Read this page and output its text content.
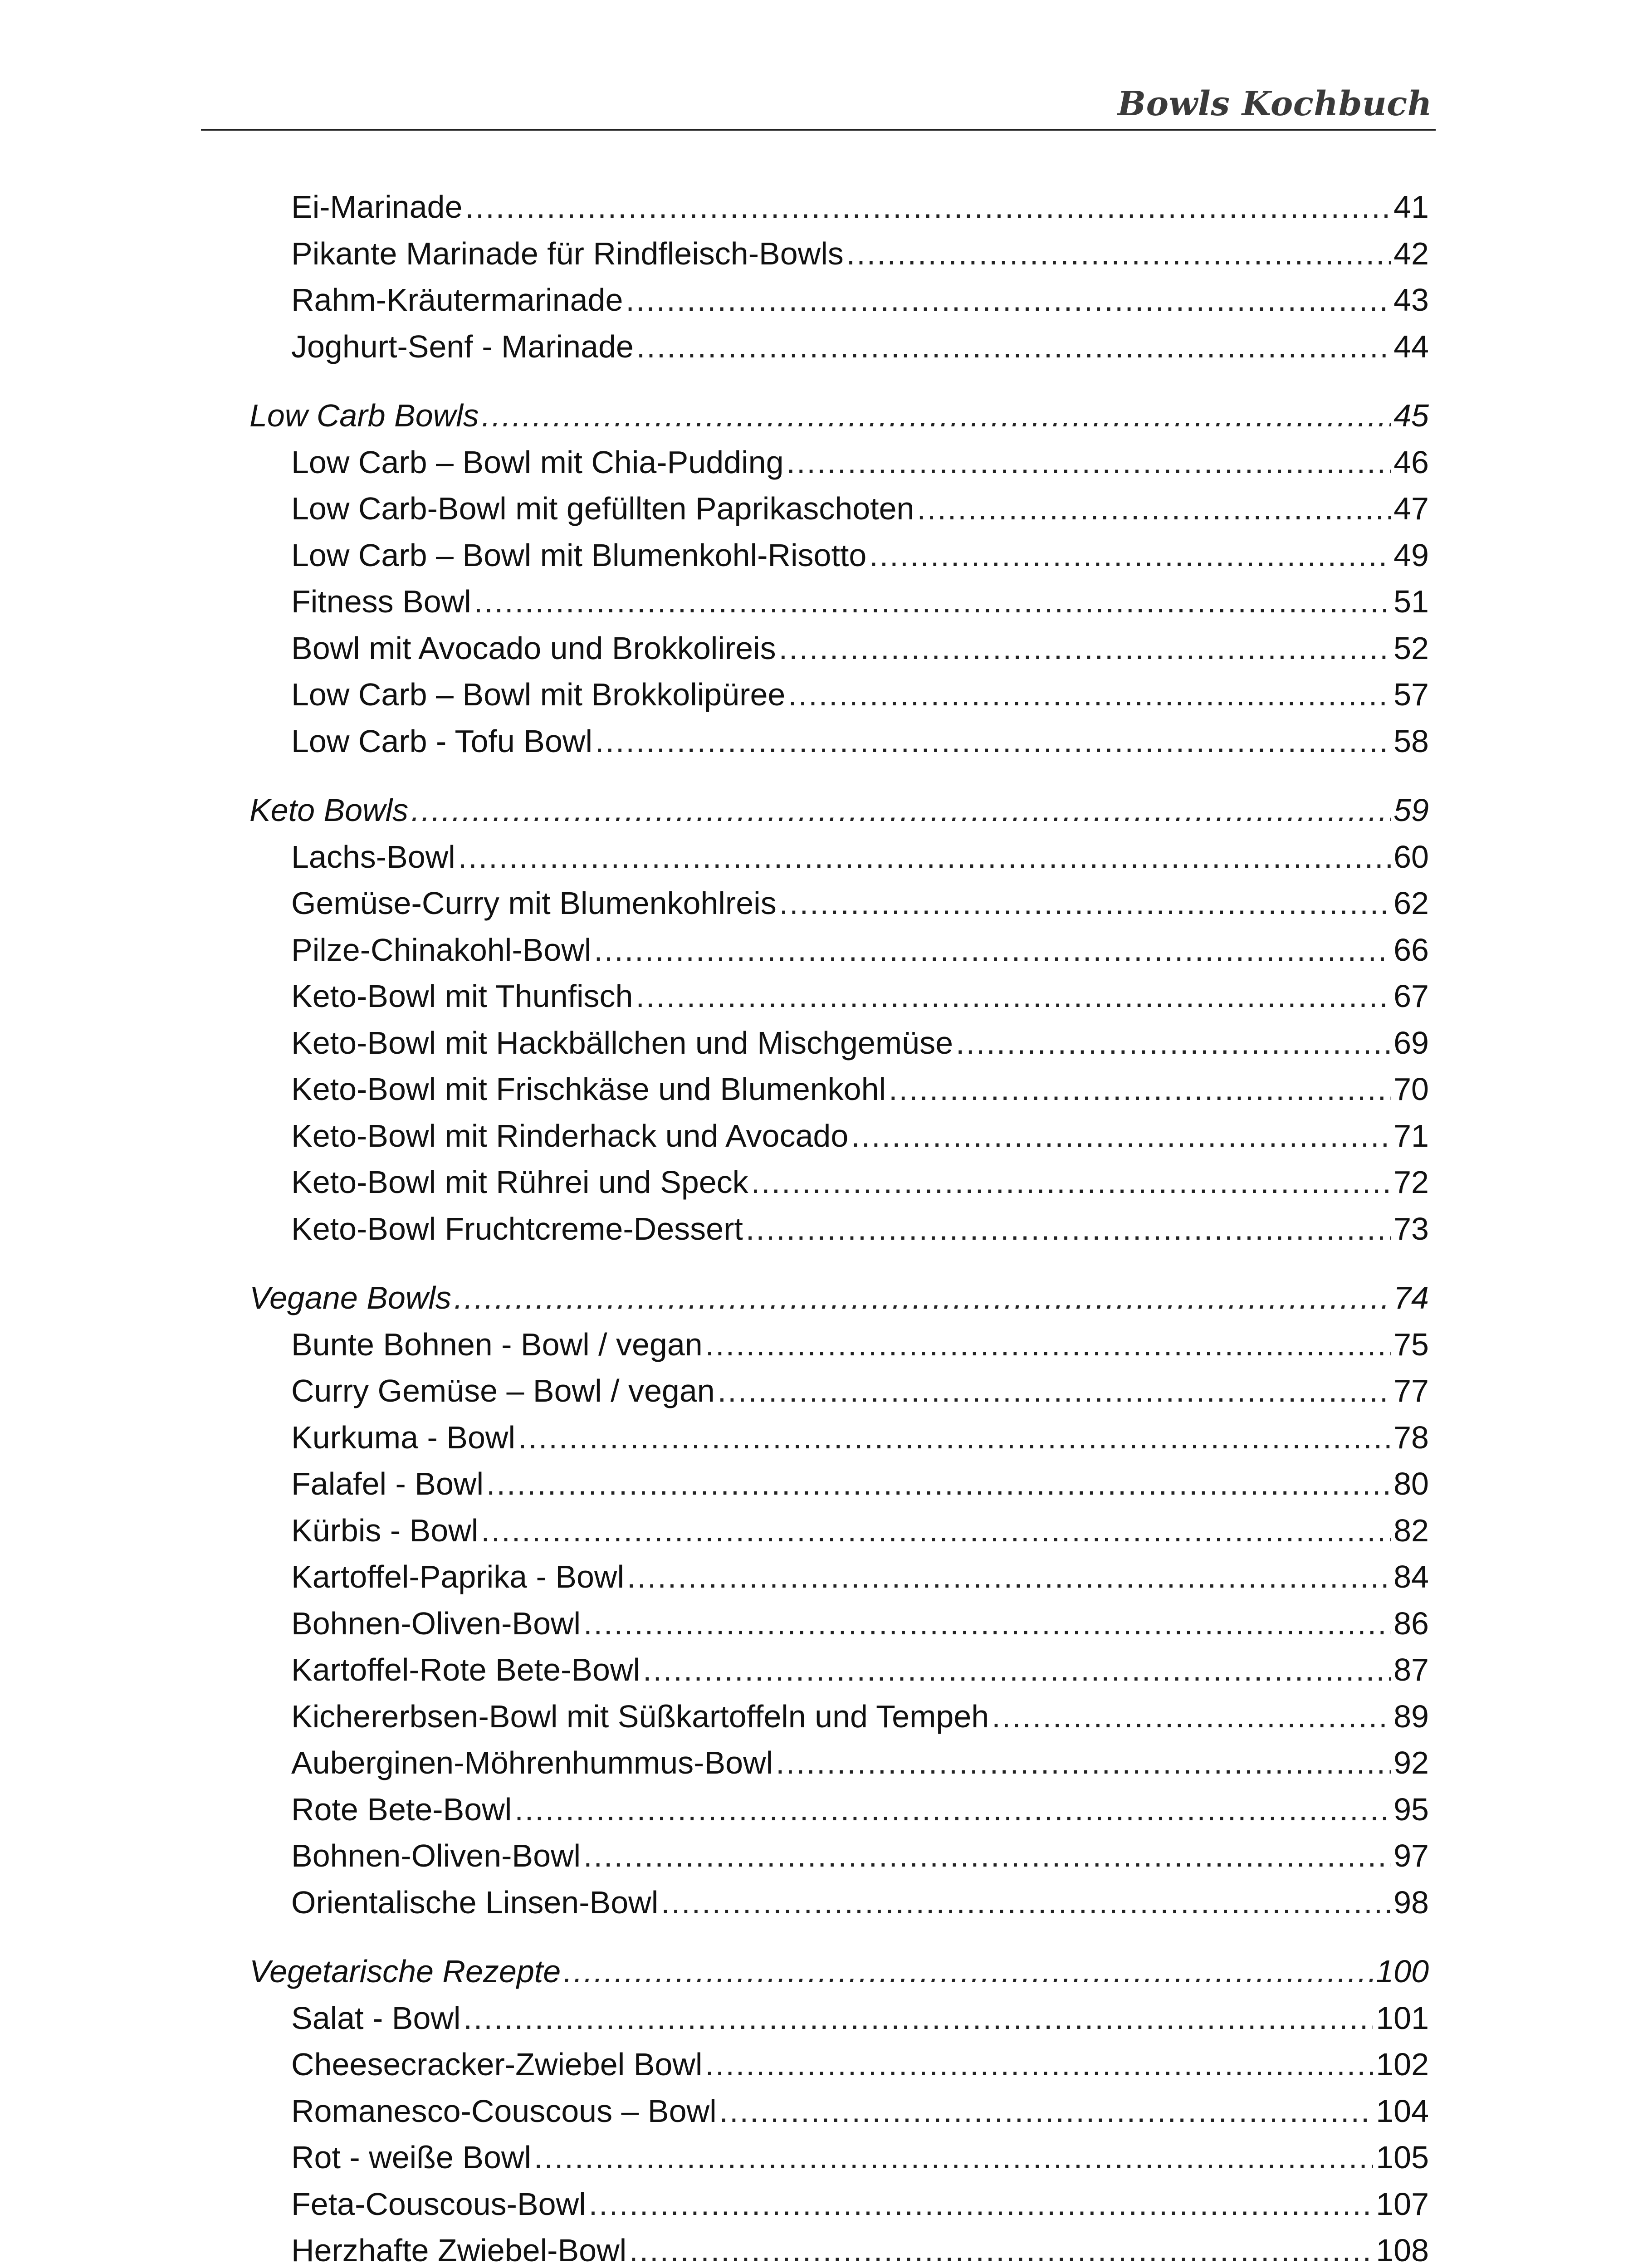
Bowls Kochbuch
Ei-Marinade .....	41
Pikante Marinade für Rindfleisch-Bowls .....	42
Rahm-Kräutermarinade .....	43
Joghurt-Senf - Marinade .....	44
Low Carb Bowls .....	45
Low Carb – Bowl mit Chia-Pudding .....	46
Low Carb-Bowl mit gefüllten Paprikaschoten .....	47
Low Carb – Bowl mit Blumenkohl-Risotto .....	49
Fitness Bowl .....	51
Bowl mit Avocado und Brokkolireis .....	52
Low Carb – Bowl mit Brokkolipüree .....	57
Low Carb - Tofu Bowl .....	58
Keto Bowls .....	59
Lachs-Bowl .....	60
Gemüse-Curry mit Blumenkohlreis .....	62
Pilze-Chinakohl-Bowl .....	66
Keto-Bowl mit Thunfisch .....	67
Keto-Bowl mit Hackbällchen und Mischgemüse .....	69
Keto-Bowl mit Frischkäse und Blumenkohl .....	70
Keto-Bowl mit Rinderhack und Avocado .....	71
Keto-Bowl mit Rührei und Speck .....	72
Keto-Bowl Fruchtcreme-Dessert .....	73
Vegane Bowls .....	74
Bunte Bohnen - Bowl / vegan .....	75
Curry Gemüse – Bowl / vegan .....	77
Kurkuma - Bowl .....	78
Falafel - Bowl .....	80
Kürbis - Bowl .....	82
Kartoffel-Paprika - Bowl .....	84
Bohnen-Oliven-Bowl .....	86
Kartoffel-Rote Bete-Bowl .....	87
Kichererbsen-Bowl mit Süßkartoffeln und Tempeh .....	89
Auberginen-Möhrenhummus-Bowl .....	92
Rote Bete-Bowl .....	95
Bohnen-Oliven-Bowl .....	97
Orientalische Linsen-Bowl .....	98
Vegetarische Rezepte .....	100
Salat - Bowl .....	101
Cheesecracker-Zwiebel Bowl .....	102
Romanesco-Couscous – Bowl .....	104
Rot - weiße Bowl .....	105
Feta-Couscous-Bowl .....	107
Herzhafte Zwiebel-Bowl .....	108
